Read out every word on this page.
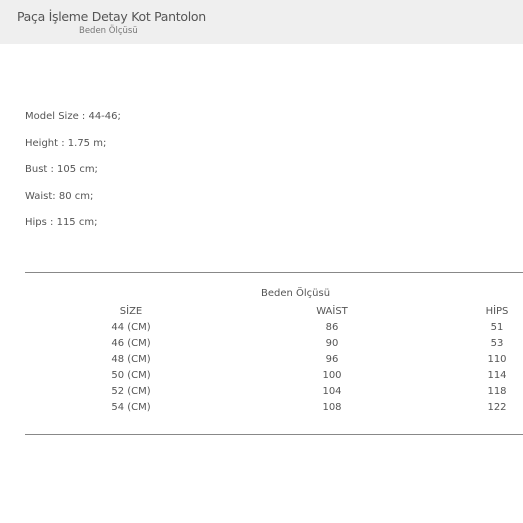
Paça İşleme Detay Kot Pantolon
Beden Ölçüsü
Model Size : 44-46;
Height : 1.75 m;
Bust : 105 cm;
Waist: 80 cm;
Hips : 115 cm;
Beden Ölçüsü
SİZE	WAİST	HİPS
44 (CM)	86	51
46 (CM)	90	53
48 (CM)	96	110
50 (CM)	100	114
52 (CM)	104	118
54 (CM)	108	122
